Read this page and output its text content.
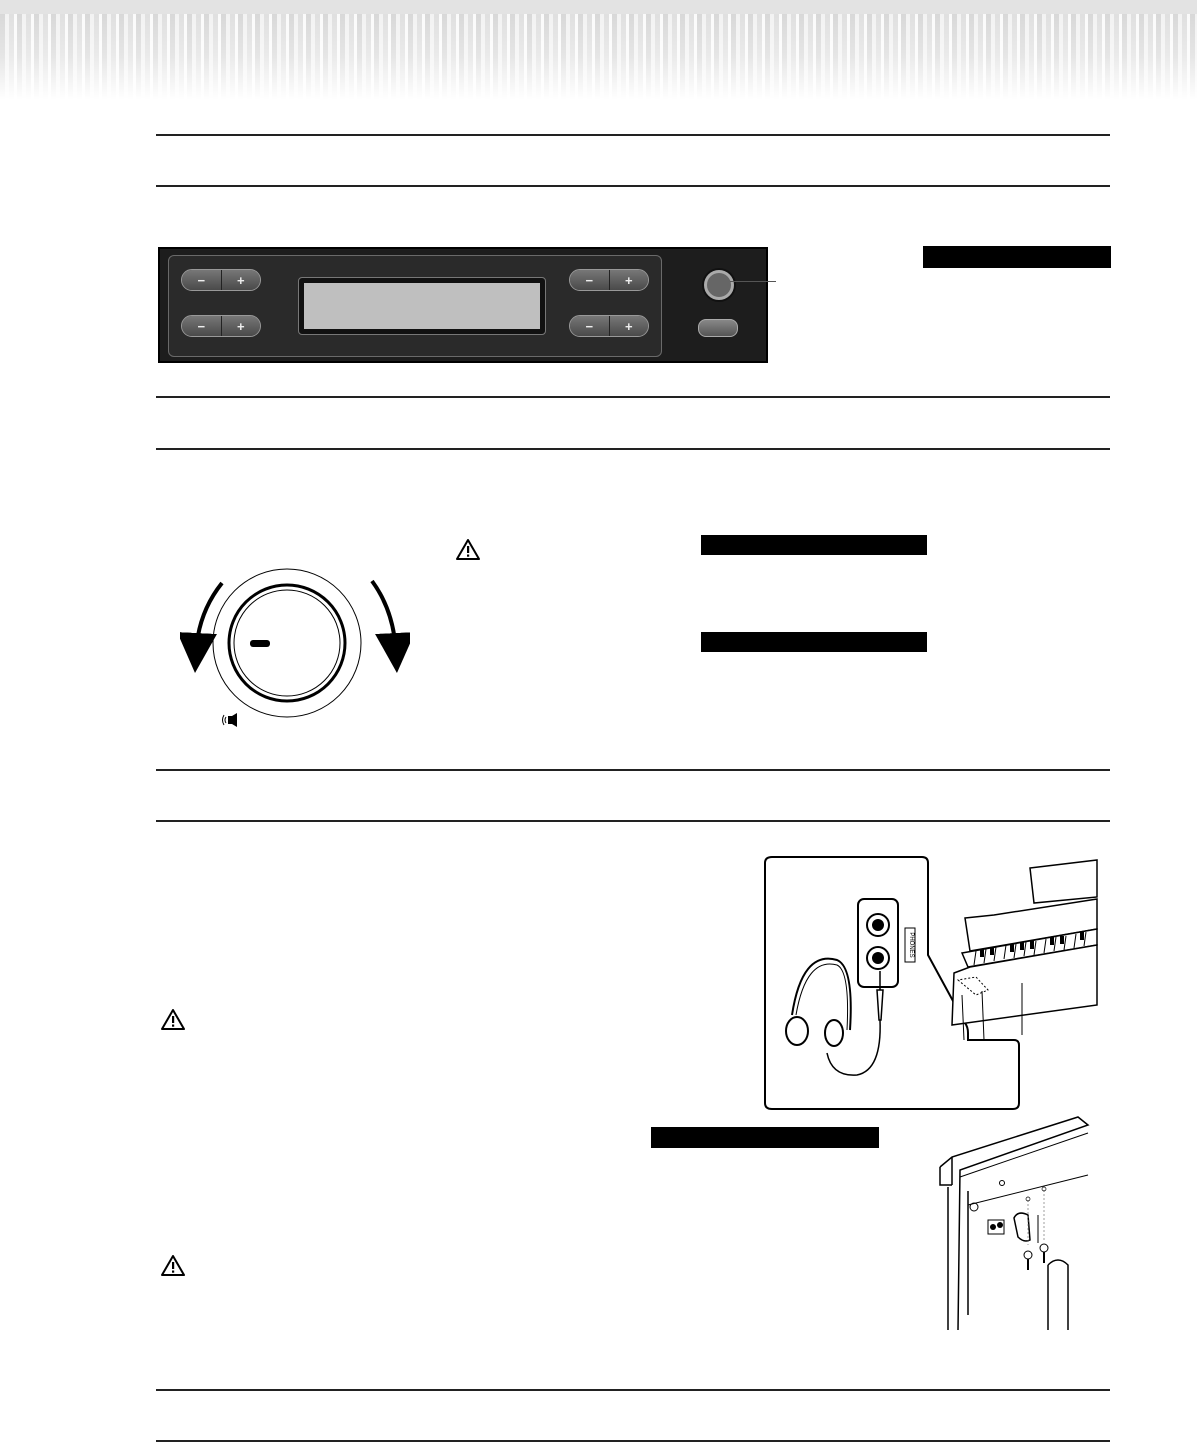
−	+
−	+
−	+
−	+
PHONES
